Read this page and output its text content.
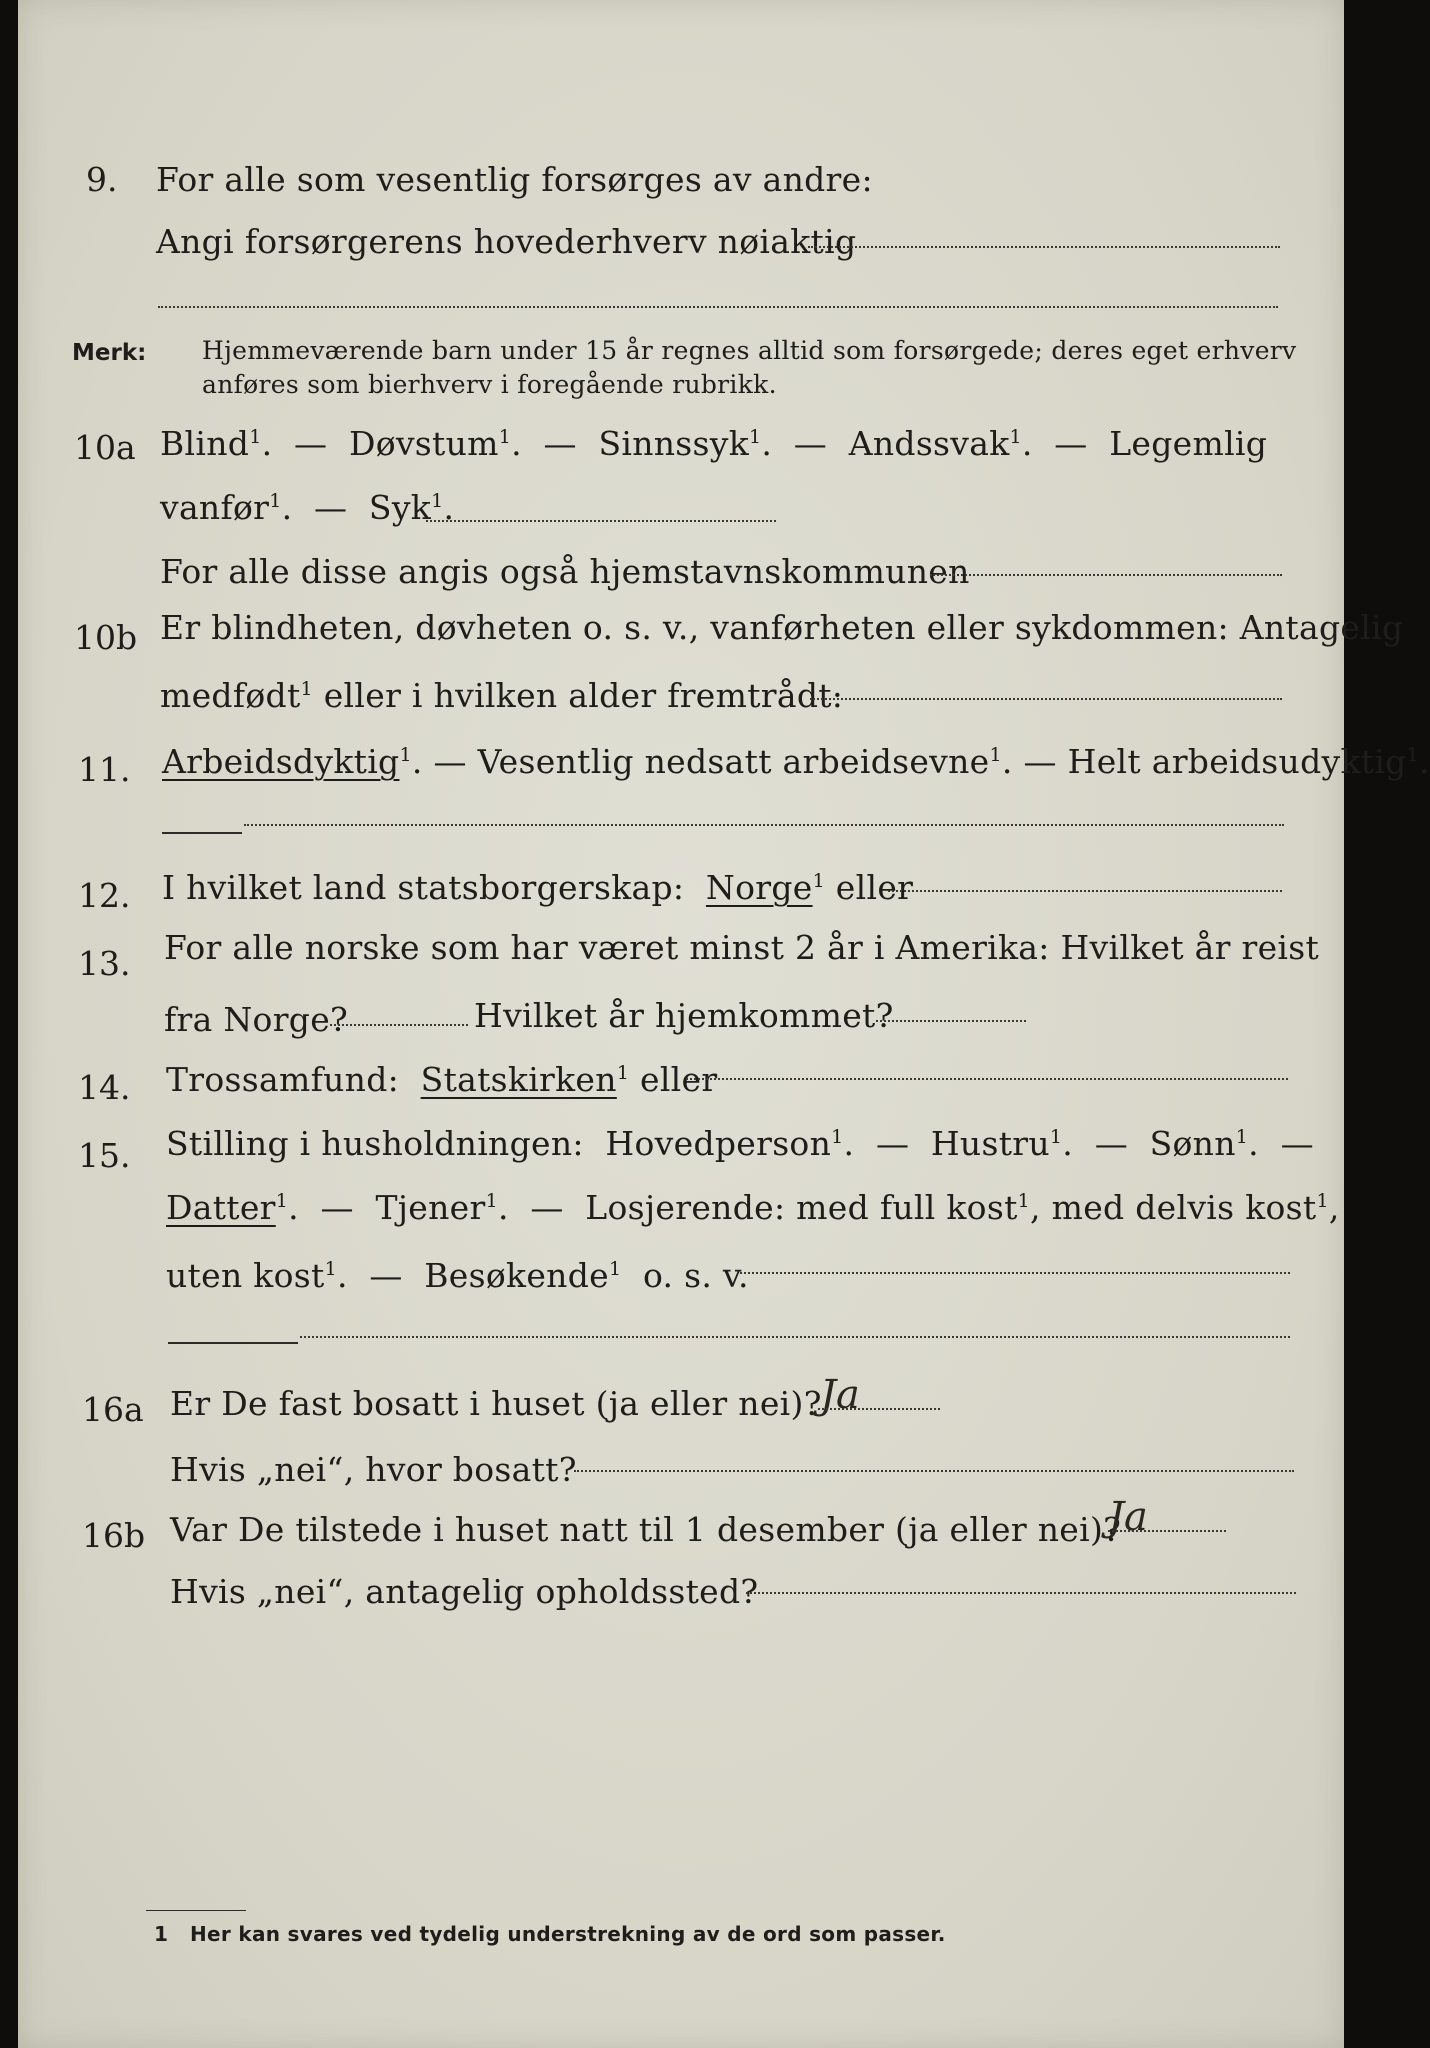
9. For alle som vesentlig forsørges av andre:
Angi forsørgerens hovederhverv nøiaktig
Merk: Hjemmeværende barn under 15 år regnes alltid som forsørgede; deres eget erhverv
anføres som bierhverv i foregående rubrikk.
10a Blind$^1$. — Døvstum$^1$. — Sinnssyk$^1$. — Andssvak$^1$. — Legemlig
vanfør$^1$. — Syk$^1$.
For alle disse angis også hjemstavnskommunen
10b Er blindheten, døvheten o. s. v., vanførheten eller sykdommen: Antagelig
medfødt$^1$ eller i hvilken alder fremtrådt:
11. Arbeidsdyktig$^1$. — Vesentlig nedsatt arbeidsevne$^1$. — Helt arbeidsudyktig$^1$.
12. I hvilket land statsborgerskap: Norge$^1$ eller
13. For alle norske som har været minst 2 år i Amerika: Hvilket år reist
fra Norge?	Hvilket år hjemkommet?
14. Trossamfund: Statskirken$^1$ eller
15. Stilling i husholdningen: Hovedperson$^1$. — Hustru$^1$. — Sønn$^1$. —
Datter$^1$. — Tjener$^1$. — Losjerende: med full kost$^1$, med delvis kost$^1$,
uten kost$^1$. — Besøkende$^1$ o. s. v.
16a Er De fast bosatt i huset (ja eller nei)?
Ja
Hvis „nei“, hvor bosatt?
16b Var De tilstede i huset natt til 1 desember (ja eller nei)?
Ja
Hvis „nei“, antagelig opholdssted?
1 Her kan svares ved tydelig understrekning av de ord som passer.
